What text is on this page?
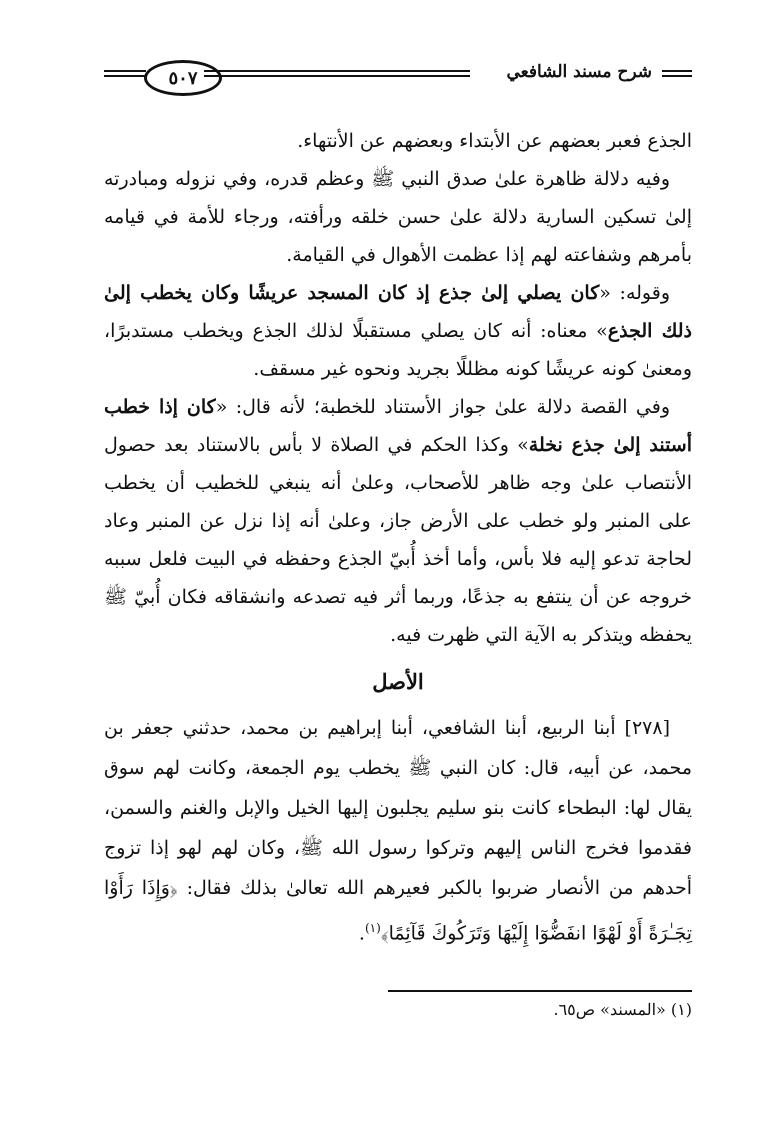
٥٠٧	شرح مسند الشافعي

الجذع فعبر بعضهم عن الأبتداء وبعضهم عن الأنتهاء.

وفيه دلالة ظاهرة علىٰ صدق النبي ﷺ وعظم قدره، وفي نزوله ومبادرته إلىٰ تسكين السارية دلالة علىٰ حسن خلقه ورأفته، ورجاء للأمة في قيامه بأمرهم وشفاعته لهم إذا عظمت الأهوال في القيامة.

وقوله: «كان يصلي إلىٰ جذع إذ كان المسجد عريشًا وكان يخطب إلىٰ ذلك الجذع» معناه: أنه كان يصلي مستقبلًا لذلك الجذع ويخطب مستدبرًا، ومعنىٰ كونه عريشًا كونه مظللًا بجريد ونحوه غير مسقف.

وفي القصة دلالة علىٰ جواز الأستناد للخطبة؛ لأنه قال: «كان إذا خطب أستند إلىٰ جذع نخلة» وكذا الحكم في الصلاة لا بأس بالاستناد بعد حصول الأنتصاب علىٰ وجه ظاهر للأصحاب، وعلىٰ أنه ينبغي للخطيب أن يخطب على المنبر ولو خطب على الأرض جاز، وعلىٰ أنه إذا نزل عن المنبر وعاد لحاجة تدعو إليه فلا بأس، وأما أخذ أُبيّ الجذع وحفظه في البيت فلعل سببه خروجه عن أن ينتفع به جذعًا، وربما أثر فيه تصدعه وانشقاقه فكان أُبيّ ﷺ يحفظه ويتذكر به الآية التي ظهرت فيه.

الأصل

[٢٧٨] أبنا الربيع، أبنا الشافعي، أبنا إبراهيم بن محمد، حدثني جعفر بن محمد، عن أبيه، قال: كان النبي ﷺ يخطب يوم الجمعة، وكانت لهم سوق يقال لها: البطحاء كانت بنو سليم يجلبون إليها الخيل والإبل والغنم والسمن، فقدموا فخرج الناس إليهم وتركوا رسول الله ﷺ، وكان لهم لهو إذا تزوج أحدهم من الأنصار ضربوا بالكبر فعيرهم الله تعالىٰ بذلك فقال: ﴿وَإِذَا رَأَوْا تِجَـٰرَةً أَوْ لَهْوًا انفَضُّوٓا إِلَيْهَا وَتَرَكُوكَ قَآئِمًا﴾$^{(١)}$.

(١) «المسند» ص٦٥.
